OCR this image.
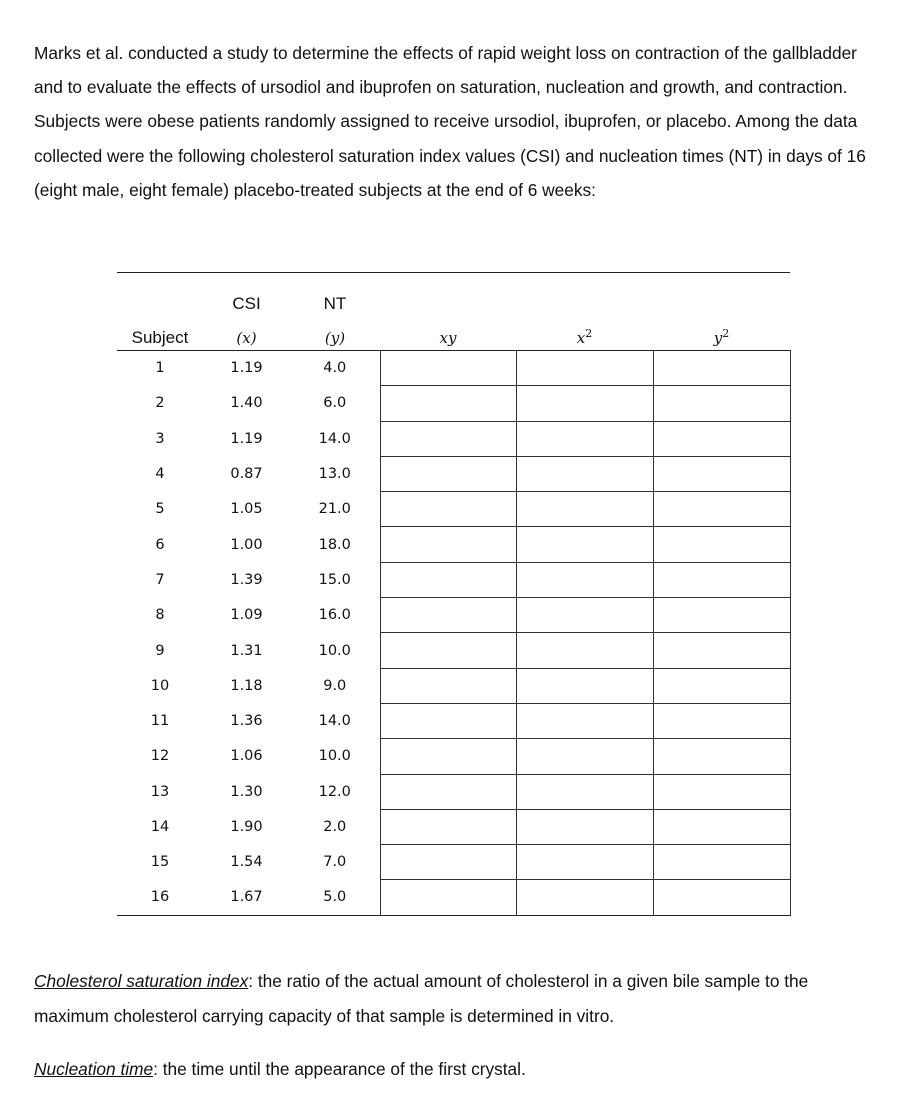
Marks et al. conducted a study to determine the effects of rapid weight loss on contraction of the gallbladder and to evaluate the effects of ursodiol and ibuprofen on saturation, nucleation and growth, and contraction. Subjects were obese patients randomly assigned to receive ursodiol, ibuprofen, or placebo. Among the data collected were the following cholesterol saturation index values (CSI) and nucleation times (NT) in days of 16 (eight male, eight female) placebo-treated subjects at the end of 6 weeks:

	CSI	NT			
Subject	(x)	(y)	xy	$x^2$	$y^2$
1	1.19	4.0			
2	1.40	6.0			
3	1.19	14.0			
4	0.87	13.0			
5	1.05	21.0			
6	1.00	18.0			
7	1.39	15.0			
8	1.09	16.0			
9	1.31	10.0			
10	1.18	9.0			
11	1.36	14.0			
12	1.06	10.0			
13	1.30	12.0			
14	1.90	2.0			
15	1.54	7.0			
16	1.67	5.0			

Cholesterol saturation index: the ratio of the actual amount of cholesterol in a given bile sample to the maximum cholesterol carrying capacity of that sample is determined in vitro.

Nucleation time: the time until the appearance of the first crystal.
